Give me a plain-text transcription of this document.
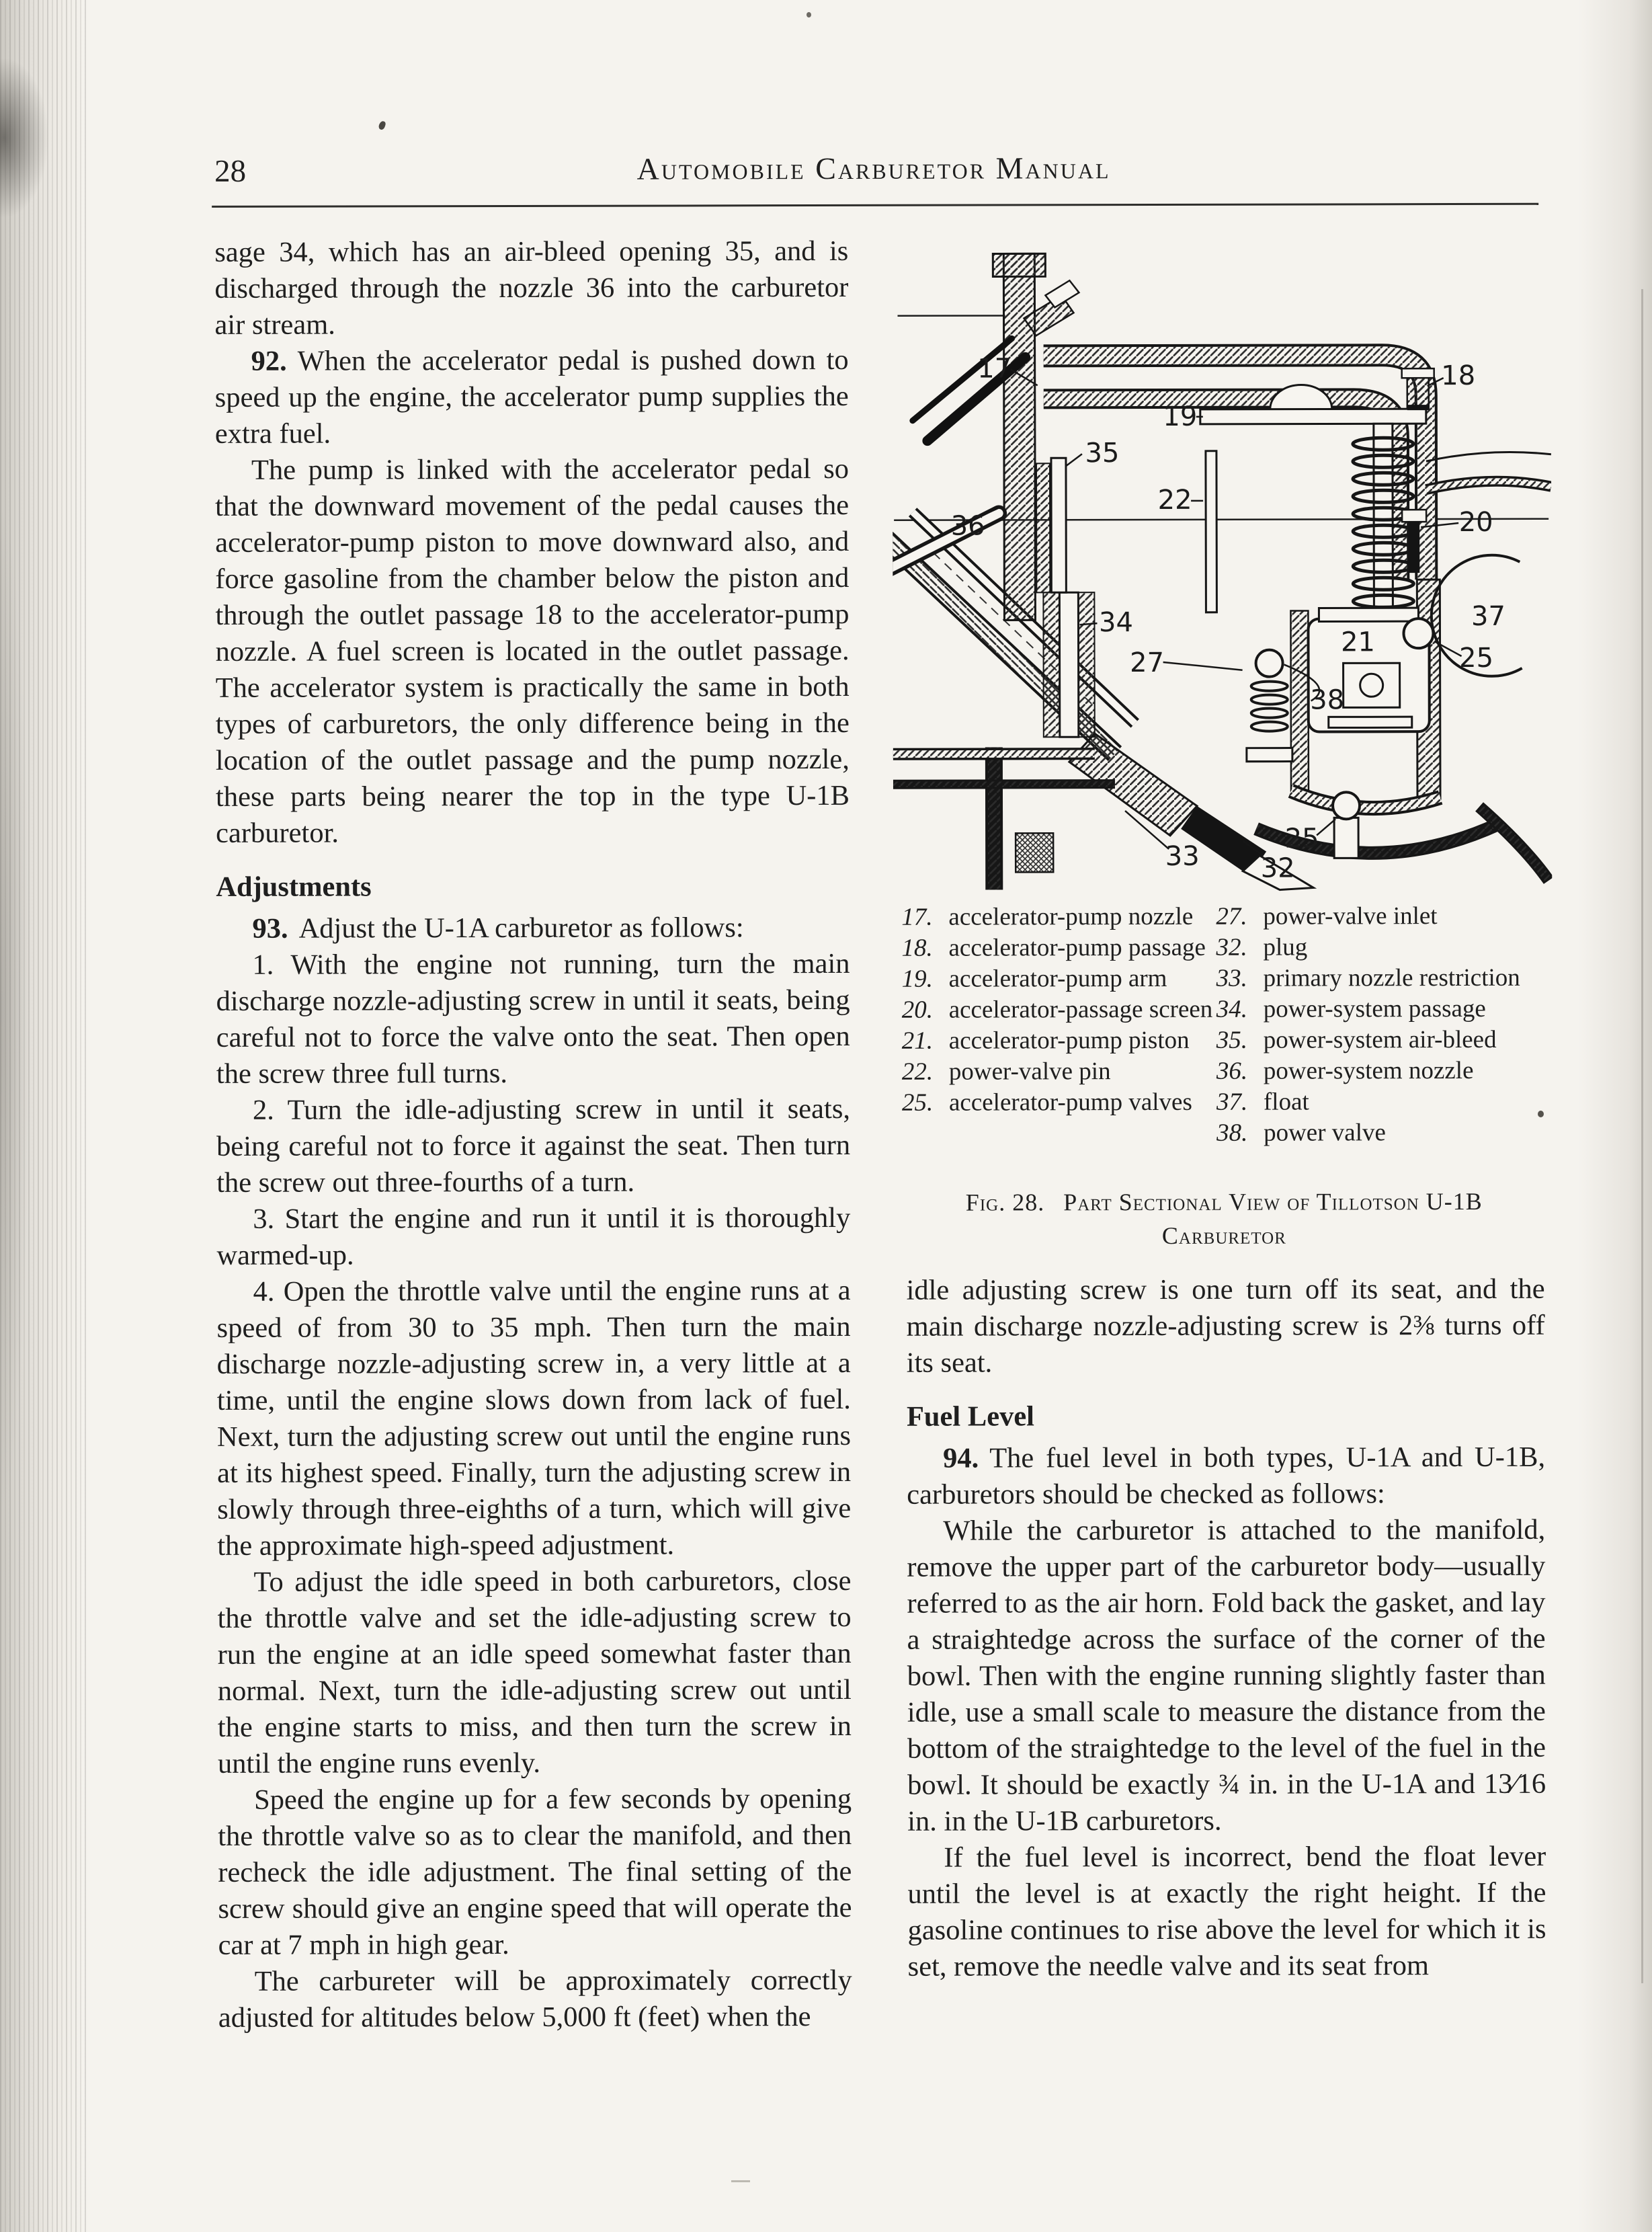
28	Automobile Carburetor Manual

sage 34, which has an air-bleed opening 35, and is discharged through the nozzle 36 into the carburetor air stream.

92. When the accelerator pedal is pushed down to speed up the engine, the accelerator pump supplies the extra fuel.

The pump is linked with the accelerator pedal so that the downward movement of the pedal causes the accelerator-pump piston to move downward also, and force gasoline from the chamber below the piston and through the outlet passage 18 to the accelerator-pump nozzle. A fuel screen is located in the outlet passage. The accelerator system is practically the same in both types of carburetors, the only difference being in the location of the outlet passage and the pump nozzle, these parts being nearer the top in the type U-1B carburetor.

Adjustments

93. Adjust the U-1A carburetor as follows:

1. With the engine not running, turn the main discharge nozzle-adjusting screw in until it seats, being careful not to force the valve onto the seat. Then open the screw three full turns.

2. Turn the idle-adjusting screw in until it seats, being careful not to force it against the seat. Then turn the screw out three-fourths of a turn.

3. Start the engine and run it until it is thoroughly warmed-up.

4. Open the throttle valve until the engine runs at a speed of from 30 to 35 mph. Then turn the main discharge nozzle-adjusting screw in, a very little at a time, until the engine slows down from lack of fuel. Next, turn the adjusting screw out until the engine runs at its highest speed. Finally, turn the adjusting screw in slowly through three-eighths of a turn, which will give the approximate high-speed adjustment.

To adjust the idle speed in both carburetors, close the throttle valve and set the idle-adjusting screw to run the engine at an idle speed somewhat faster than normal. Next, turn the idle-adjusting screw out until the engine starts to miss, and then turn the screw in until the engine runs evenly.

Speed the engine up for a few seconds by opening the throttle valve so as to clear the manifold, and then recheck the idle adjustment. The final setting of the screw should give an engine speed that will operate the car at 7 mph in high gear.

The carbureter will be approximately correctly adjusted for altitudes below 5,000 ft (feet) when the

17	18
19
35
22
36	20
34
27
21
37
38
25
33
25
32
17. accelerator-pump nozzle
18. accelerator-pump passage
19. accelerator-pump arm
20. accelerator-passage screen
21. accelerator-pump piston
22. power-valve pin
25. accelerator-pump valves
27. power-valve inlet
32. plug
33. primary nozzle restriction
34. power-system passage
35. power-system air-bleed
36. power-system nozzle
37. float
38. power valve
Fig. 28. Part Sectional View of Tillotson U-1B
Carburetor

idle adjusting screw is one turn off its seat, and the main discharge nozzle-adjusting screw is 2⅜ turns off its seat.

Fuel Level

94. The fuel level in both types, U-1A and U-1B, carburetors should be checked as follows:

While the carburetor is attached to the manifold, remove the upper part of the carburetor body—usually referred to as the air horn. Fold back the gasket, and lay a straightedge across the surface of the corner of the bowl. Then with the engine running slightly faster than idle, use a small scale to measure the distance from the bottom of the straightedge to the level of the fuel in the bowl. It should be exactly ¾ in. in the U-1A and 13⁄16 in. in the U-1B carburetors.

If the fuel level is incorrect, bend the float lever until the level is at exactly the right height. If the gasoline continues to rise above the level for which it is set, remove the needle valve and its seat from
